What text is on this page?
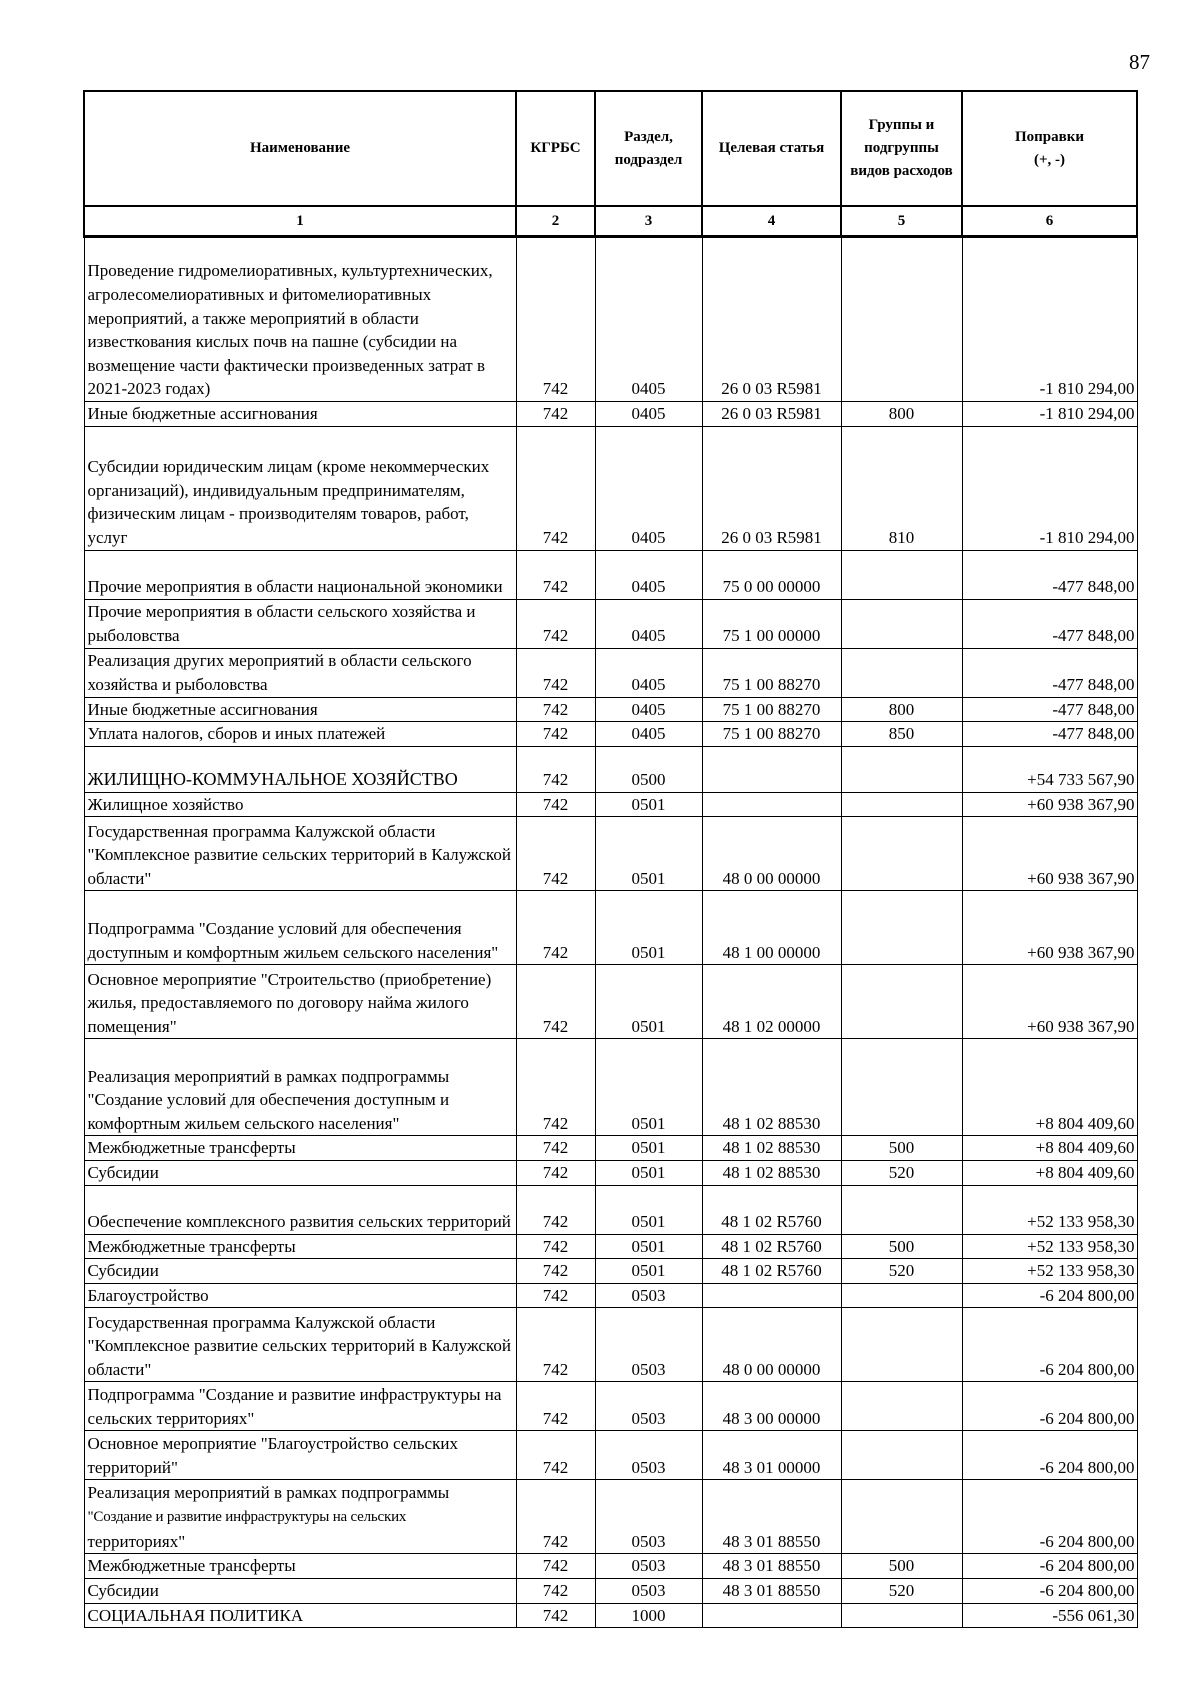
87
Наименование	КГРБС	Раздел, подраздел	Целевая статья	Группы и подгруппы видов расходов	Поправки
(+, -)
1	2	3	4	5	6
Проведение гидромелиоративных, культуртехнических, агролесомелиоративных и фитомелиоративных мероприятий, а также мероприятий в области известкования кислых почв на пашне (субсидии на возмещение части фактически произведенных затрат в 2021-2023 годах)	742	0405	26 0 03 R5981		-1 810 294,00
Иные бюджетные ассигнования	742	0405	26 0 03 R5981	800	-1 810 294,00
Субсидии юридическим лицам (кроме некоммерческих организаций), индивидуальным предпринимателям, физическим лицам - производителям товаров, работ, услуг	742	0405	26 0 03 R5981	810	-1 810 294,00
Прочие мероприятия в области национальной экономики	742	0405	75 0 00 00000		-477 848,00
Прочие мероприятия в области сельского хозяйства и рыболовства	742	0405	75 1 00 00000		-477 848,00
Реализация других мероприятий в области сельского хозяйства и рыболовства	742	0405	75 1 00 88270		-477 848,00
Иные бюджетные ассигнования	742	0405	75 1 00 88270	800	-477 848,00
Уплата налогов, сборов и иных платежей	742	0405	75 1 00 88270	850	-477 848,00
ЖИЛИЩНО-КОММУНАЛЬНОЕ ХОЗЯЙСТВО	742	0500			+54 733 567,90
Жилищное хозяйство	742	0501			+60 938 367,90
Государственная программа Калужской области "Комплексное развитие сельских территорий в Калужской области"	742	0501	48 0 00 00000		+60 938 367,90
Подпрограмма "Создание условий для обеспечения доступным и комфортным жильем сельского населения"	742	0501	48 1 00 00000		+60 938 367,90
Основное мероприятие "Строительство (приобретение) жилья, предоставляемого по договору найма жилого помещения"	742	0501	48 1 02 00000		+60 938 367,90
Реализация мероприятий в рамках подпрограммы "Создание условий для обеспечения доступным и комфортным жильем сельского населения"	742	0501	48 1 02 88530		+8 804 409,60
Межбюджетные трансферты	742	0501	48 1 02 88530	500	+8 804 409,60
Субсидии	742	0501	48 1 02 88530	520	+8 804 409,60
Обеспечение комплексного развития сельских территорий	742	0501	48 1 02 R5760		+52 133 958,30
Межбюджетные трансферты	742	0501	48 1 02 R5760	500	+52 133 958,30
Субсидии	742	0501	48 1 02 R5760	520	+52 133 958,30
Благоустройство	742	0503			-6 204 800,00
Государственная программа Калужской области "Комплексное развитие сельских территорий в Калужской области"	742	0503	48 0 00 00000		-6 204 800,00
Подпрограмма "Создание и развитие инфраструктуры на сельских территориях"	742	0503	48 3 00 00000		-6 204 800,00
Основное мероприятие "Благоустройство сельских территорий"	742	0503	48 3 01 00000		-6 204 800,00
Реализация мероприятий в рамках подпрограммы
"Создание и развитие инфраструктуры на сельских
территориях"	742	0503	48 3 01 88550		-6 204 800,00
Межбюджетные трансферты	742	0503	48 3 01 88550	500	-6 204 800,00
Субсидии	742	0503	48 3 01 88550	520	-6 204 800,00
СОЦИАЛЬНАЯ ПОЛИТИКА	742	1000			-556 061,30
